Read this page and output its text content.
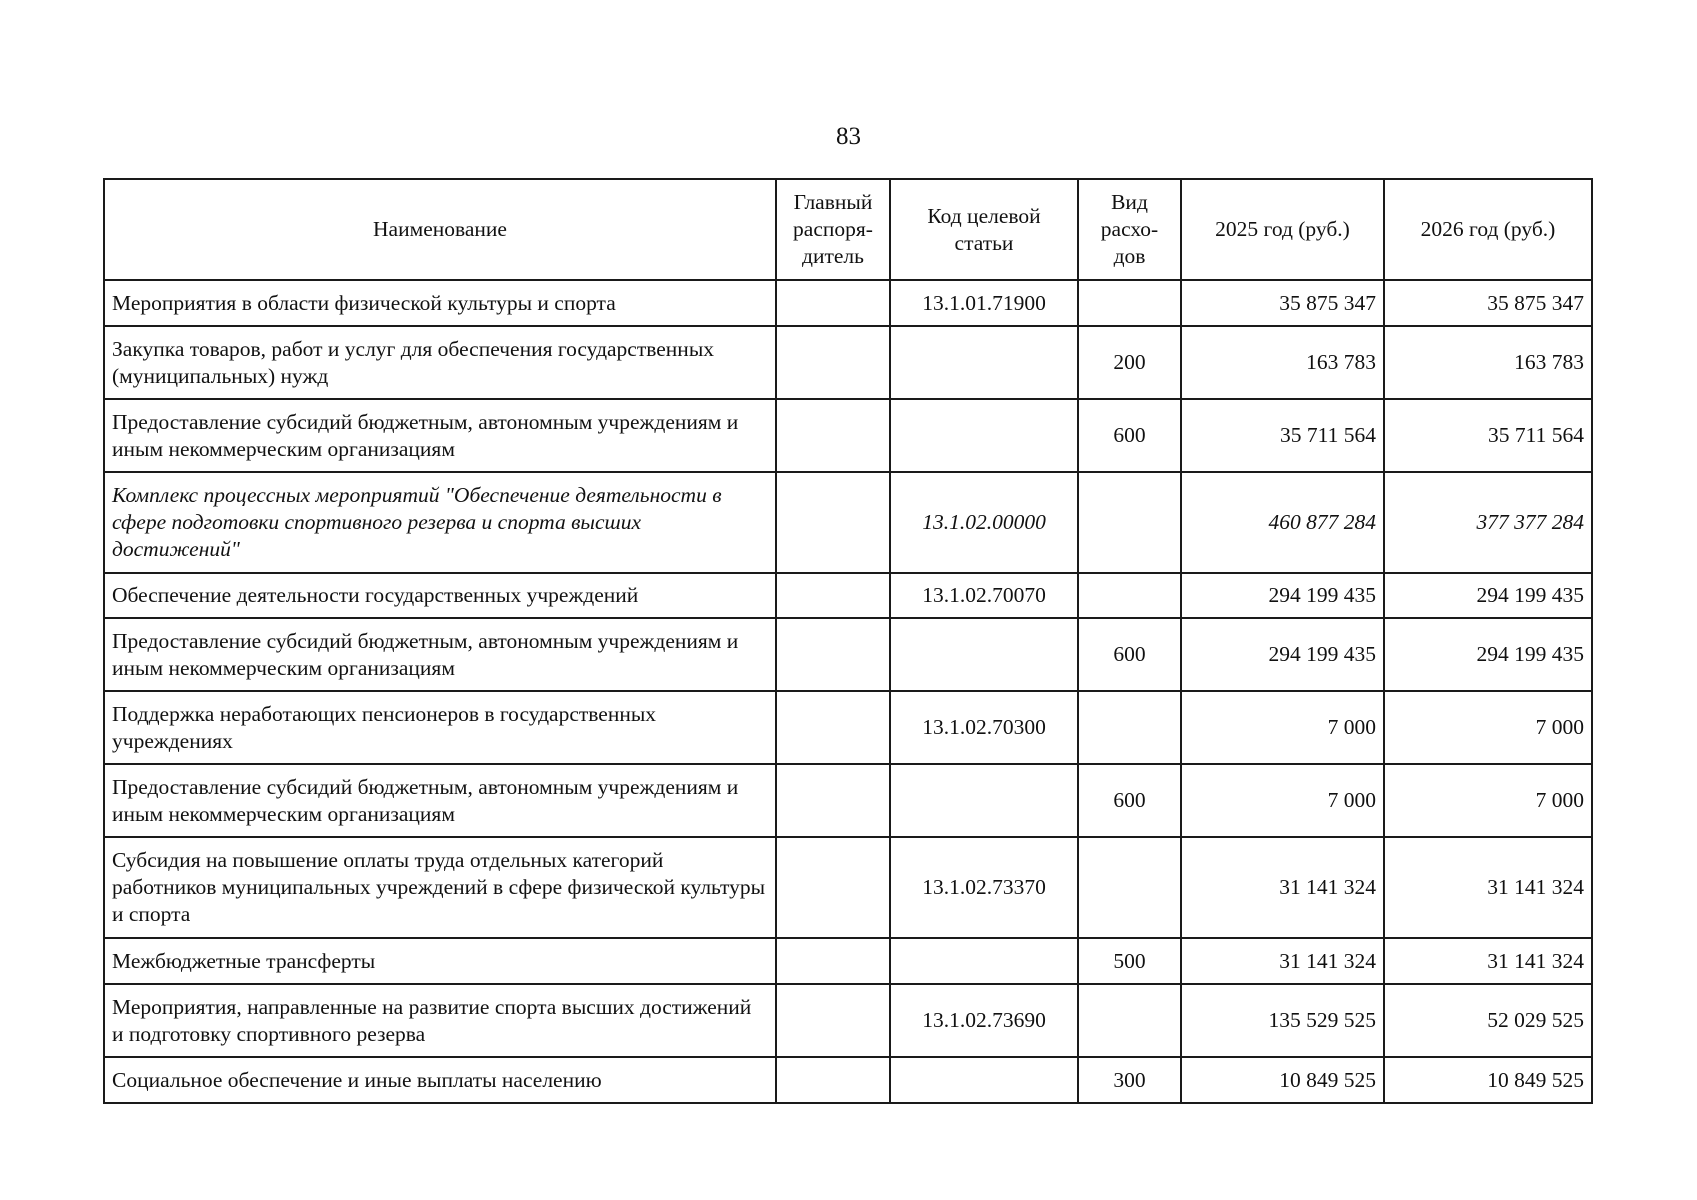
83
Наименование	Главный распоря-дитель	Код целевой статьи	Вид расхо-дов	2025 год (руб.)	2026 год (руб.)
Мероприятия в области физической культуры и спорта		13.1.01.71900		35 875 347	35 875 347
Закупка товаров, работ и услуг для обеспечения государственных (муниципальных) нужд			200	163 783	163 783
Предоставление субсидий бюджетным, автономным учреждениям и иным некоммерческим организациям			600	35 711 564	35 711 564
Комплекс процессных мероприятий "Обеспечение деятельности в сфере подготовки спортивного резерва и спорта высших достижений"		13.1.02.00000		460 877 284	377 377 284
Обеспечение деятельности государственных учреждений		13.1.02.70070		294 199 435	294 199 435
Предоставление субсидий бюджетным, автономным учреждениям и иным некоммерческим организациям			600	294 199 435	294 199 435
Поддержка неработающих пенсионеров в государственных учреждениях		13.1.02.70300		7 000	7 000
Предоставление субсидий бюджетным, автономным учреждениям и иным некоммерческим организациям			600	7 000	7 000
Субсидия на повышение оплаты труда отдельных категорий работников муниципальных учреждений в сфере физической культуры и спорта		13.1.02.73370		31 141 324	31 141 324
Межбюджетные трансферты			500	31 141 324	31 141 324
Мероприятия, направленные на развитие спорта высших достижений и подготовку спортивного резерва		13.1.02.73690		135 529 525	52 029 525
Социальное обеспечение и иные выплаты населению			300	10 849 525	10 849 525
